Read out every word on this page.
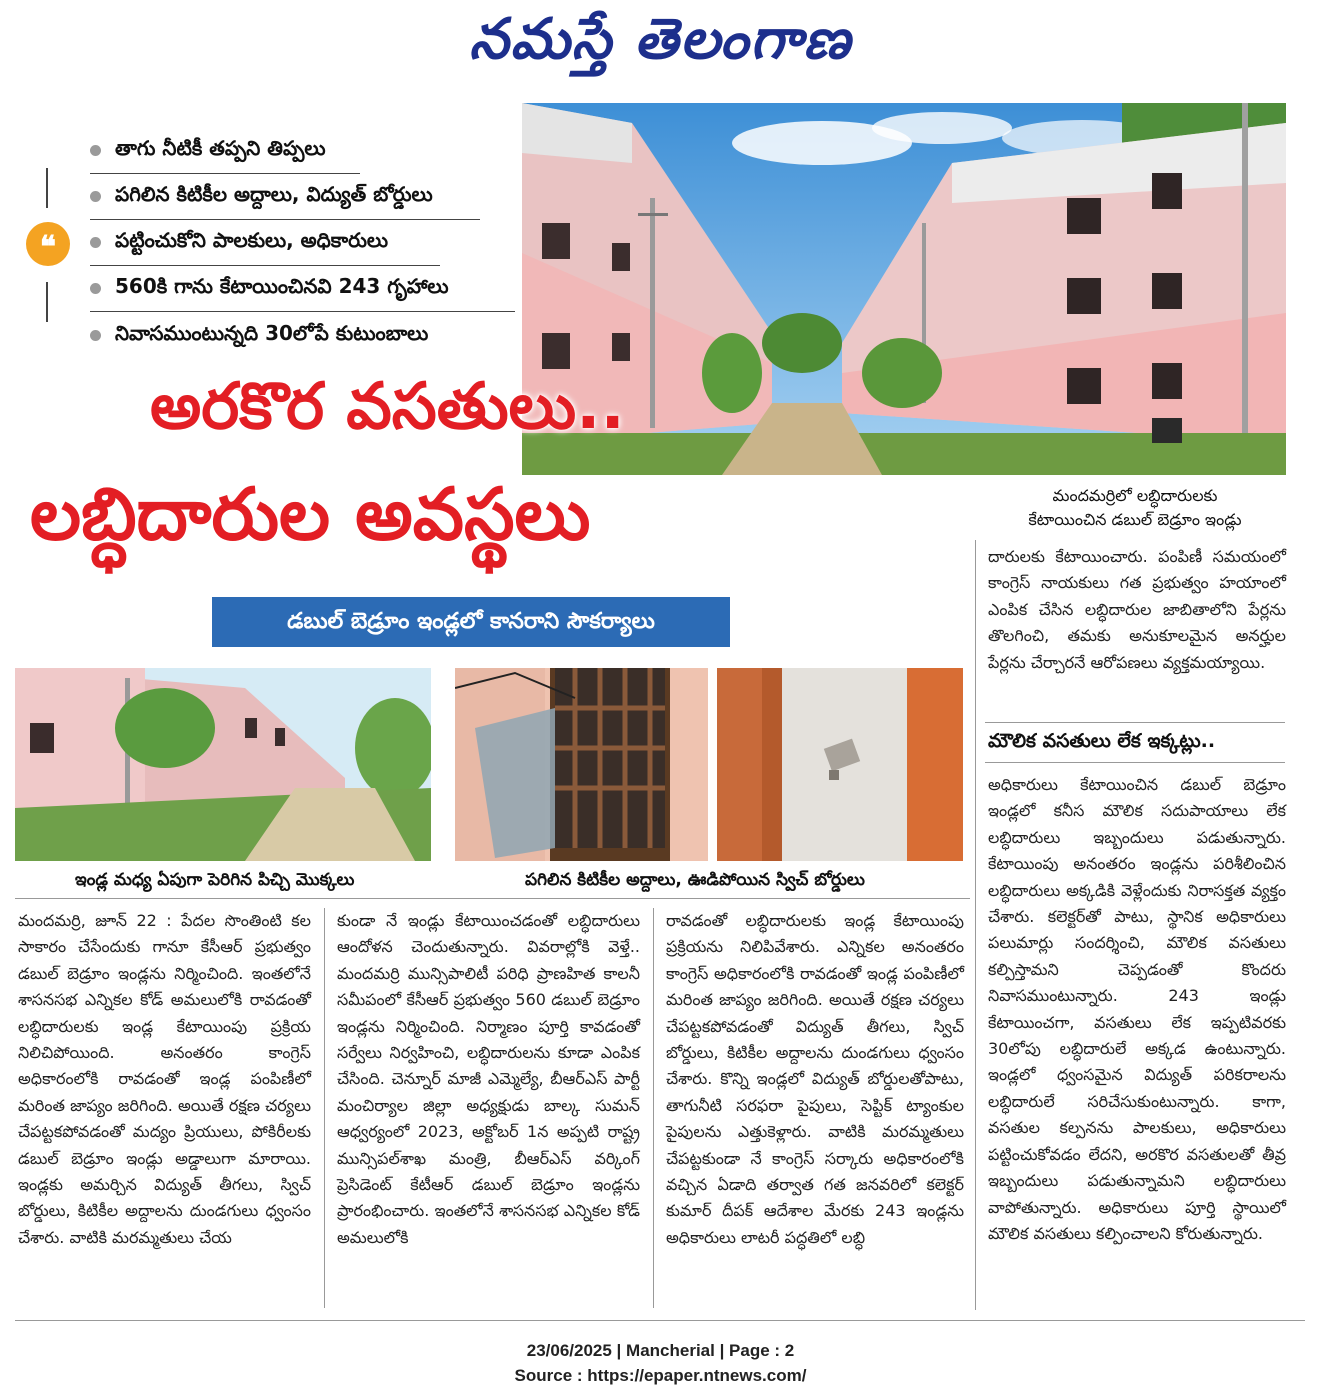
నమస్తే తెలంగాణ
❝
తాగు నీటికీ తప్పని తిప్పలు
పగిలిన కిటికీల అద్దాలు, విద్యుత్ బోర్డులు
పట్టించుకోని పాలకులు, అధికారులు
560కి గాను కేటాయించినవి 243 గృహాలు
నివాసముంటున్నది 30లోపే కుటుంబాలు
అరకొర వసతులు..
లబ్ధిదారుల అవస్థలు
డబుల్ బెడ్రూం ఇండ్లలో కానరాని సౌకర్యాలు
మందమర్రిలో లబ్ధిదారులకు
కేటాయించిన డబుల్ బెడ్రూం ఇండ్లు

దారులకు కేటాయించారు. పంపిణీ సమయంలో కాంగ్రెస్ నాయకులు గత ప్రభుత్వం హయాంలో ఎంపిక చేసిన లబ్ధిదారుల జాబితాలోని పేర్లను తొలగించి, తమకు అనుకూలమైన అనర్హుల పేర్లను చేర్చారనే ఆరోపణలు వ్యక్తమయ్యాయి.

మౌలిక వసతులు లేక ఇక్కట్లు..
ఇండ్ల మధ్య ఏపుగా పెరిగిన పిచ్చి మొక్కలు	పగిలిన కిటికీల అద్దాలు, ఊడిపోయిన స్విచ్ బోర్డులు

మందమర్రి, జూన్ 22 : పేదల సొంతింటి కల సాకారం చేసేందుకు గానూ కేసీఆర్ ప్రభుత్వం డబుల్ బెడ్రూం ఇండ్లను నిర్మించింది. ఇంతలోనే శాసనసభ ఎన్నికల కోడ్ అమలులోకి రావడంతో లబ్ధిదారులకు ఇండ్ల కేటాయింపు ప్రక్రియ నిలిచిపోయింది. అనంతరం కాంగ్రెస్ అధికారంలోకి రావడంతో ఇండ్ల పంపిణీలో మరింత జాప్యం జరిగింది. అయితే రక్షణ చర్యలు చేపట్టకపోవడంతో మద్యం ప్రియులు, పోకిరీలకు డబుల్ బెడ్రూం ఇండ్లు అడ్డాలుగా మారాయి. ఇండ్లకు అమర్చిన విద్యుత్ తీగలు, స్విచ్ బోర్డులు, కిటికీల అద్దాలను దుండగులు ధ్వంసం చేశారు. వాటికి మరమ్మతులు చేయ

కుండా నే ఇండ్లు కేటాయించడంతో లబ్ధిదారులు ఆందోళన చెందుతున్నారు. వివరాల్లోకి వెళ్తే.. మందమర్రి మున్సిపాలిటీ పరిధి ప్రాణహిత కాలనీ సమీపంలో కేసీఆర్ ప్రభుత్వం 560 డబుల్ బెడ్రూం ఇండ్లను నిర్మించింది. నిర్మాణం పూర్తి కావడంతో సర్వేలు నిర్వహించి, లబ్ధిదారులను కూడా ఎంపిక చేసింది. చెన్నూర్ మాజీ ఎమ్మెల్యే, బీఆర్ఎస్ పార్టీ మంచిర్యాల జిల్లా అధ్యక్షుడు బాల్క సుమన్ ఆధ్వర్యంలో 2023, అక్టోబర్ 1న అప్పటి రాష్ట్ర మున్సిపల్‌శాఖ మంత్రి, బీఆర్ఎస్ వర్కింగ్ ప్రెసిడెంట్ కేటీఆర్ డబుల్ బెడ్రూం ఇండ్లను ప్రారంభించారు. ఇంతలోనే శాసనసభ ఎన్నికల కోడ్ అమలులోకి

రావడంతో లబ్ధిదారులకు ఇండ్ల కేటాయింపు ప్రక్రియను నిలిపివేశారు. ఎన్నికల అనంతరం కాంగ్రెస్ అధికారంలోకి రావడంతో ఇండ్ల పంపిణీలో మరింత జాప్యం జరిగింది. అయితే రక్షణ చర్యలు చేపట్టకపోవడంతో విద్యుత్ తీగలు, స్విచ్ బోర్డులు, కిటికీల అద్దాలను దుండగులు ధ్వంసం చేశారు. కొన్ని ఇండ్లలో విద్యుత్ బోర్డులతోపాటు, తాగునీటి సరఫరా పైపులు, సెప్టిక్ ట్యాంకుల పైపులను ఎత్తుకెళ్లారు. వాటికి మరమ్మతులు చేపట్టకుండా నే కాంగ్రెస్ సర్కారు అధికారంలోకి వచ్చిన ఏడాది తర్వాత గత జనవరిలో కలెక్టర్ కుమార్ దీపక్ ఆదేశాల మేరకు 243 ఇండ్లను అధికారులు లాటరీ పద్ధతిలో లబ్ధి

అధికారులు కేటాయించిన డబుల్ బెడ్రూం ఇండ్లలో కనీస మౌలిక సదుపాయాలు లేక లబ్ధిదారులు ఇబ్బందులు పడుతున్నారు. కేటాయింపు అనంతరం ఇండ్లను పరిశీలించిన లబ్ధిదారులు అక్కడికి వెళ్లేందుకు నిరాసక్తత వ్యక్తం చేశారు. కలెక్టర్‌తో పాటు, స్థానిక అధికారులు పలుమార్లు సందర్శించి, మౌలిక వసతులు కల్పిస్తామని చెప్పడంతో కొందరు నివాసముంటున్నారు. 243 ఇండ్లు కేటాయించగా, వసతులు లేక ఇప్పటివరకు 30లోపు లబ్ధిదారులే అక్కడ ఉంటున్నారు. ఇండ్లలో ధ్వంసమైన విద్యుత్ పరికరాలను లబ్ధిదారులే సరిచేసుకుంటున్నారు. కాగా, వసతుల కల్పనను పాలకులు, అధికారులు పట్టించుకోవడం లేదని, అరకొర వసతులతో తీవ్ర ఇబ్బందులు పడుతున్నామని లబ్ధిదారులు వాపోతున్నారు. అధికారులు పూర్తి స్థాయిలో మౌలిక వసతులు కల్పించాలని కోరుతున్నారు.

23/06/2025 | Mancherial | Page : 2
Source : https://epaper.ntnews.com/
